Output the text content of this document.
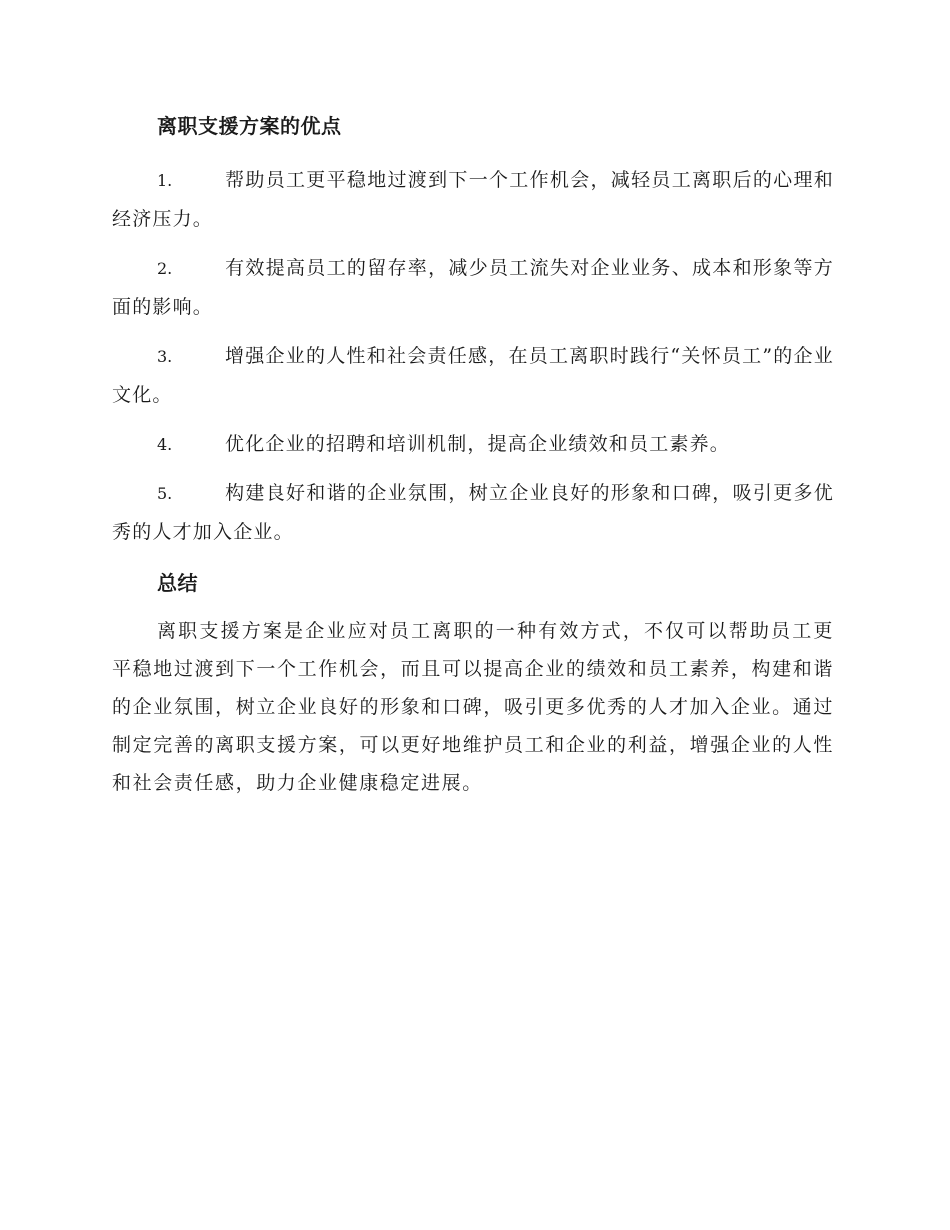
离职支援方案的优点

1.	帮助员工更平稳地过渡到下一个工作机会，减轻员工离职后的心理和经济压力。

2.	有效提高员工的留存率，减少员工流失对企业业务、成本和形象等方面的影响。

3.	增强企业的人性和社会责任感，在员工离职时践行“关怀员工”的企业文化。

4.	优化企业的招聘和培训机制，提高企业绩效和员工素养。

5.	构建良好和谐的企业氛围，树立企业良好的形象和口碑，吸引更多优秀的人才加入企业。

总结

离职支援方案是企业应对员工离职的一种有效方式，不仅可以帮助员工更平稳地过渡到下一个工作机会，而且可以提高企业的绩效和员工素养，构建和谐的企业氛围，树立企业良好的形象和口碑，吸引更多优秀的人才加入企业。通过制定完善的离职支援方案，可以更好地维护员工和企业的利益，增强企业的人性和社会责任感，助力企业健康稳定进展。
